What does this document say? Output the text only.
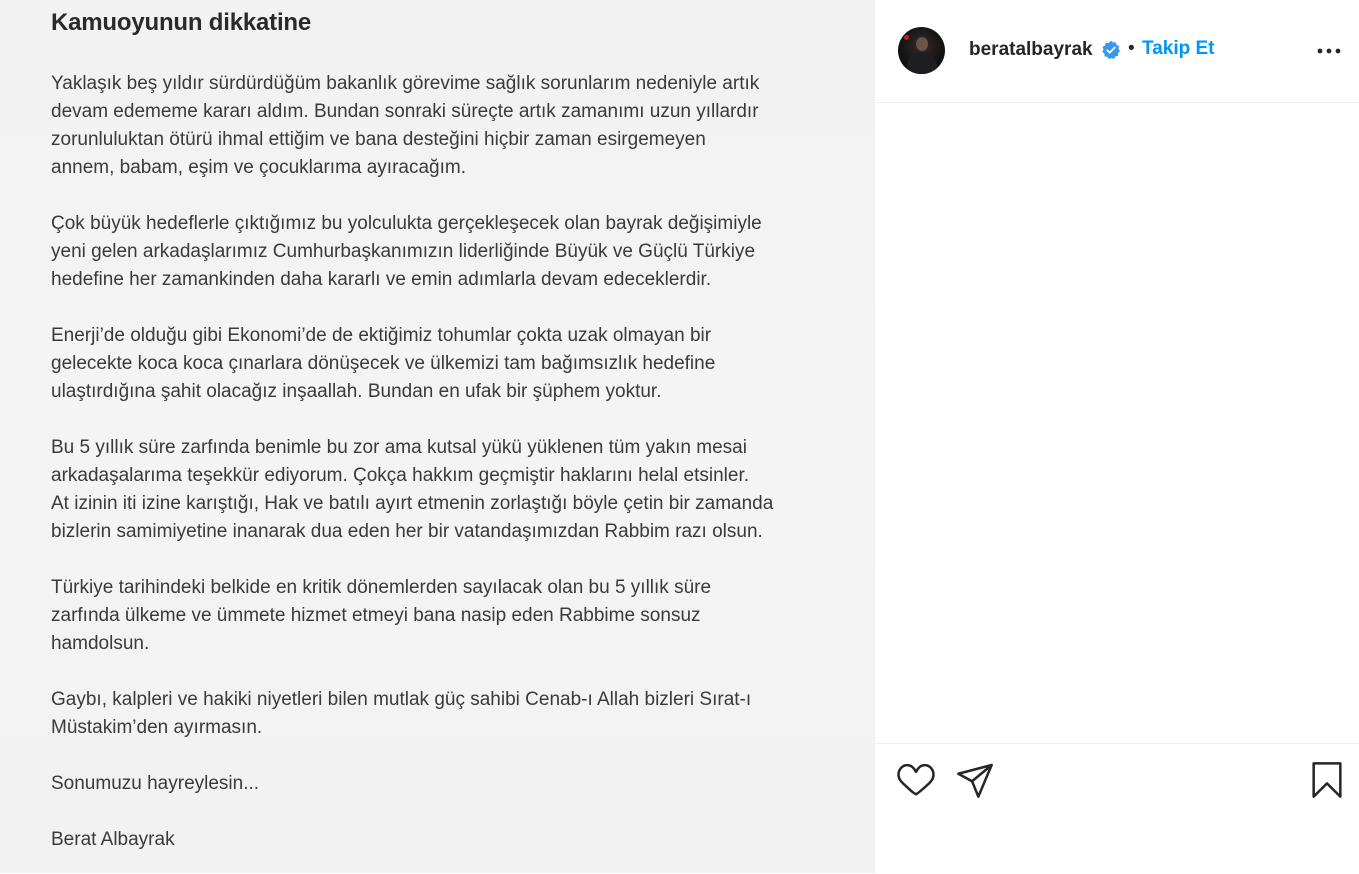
Kamuoyunun dikkatine

Yaklaşık beş yıldır sürdürdüğüm bakanlık görevime sağlık sorunlarım nedeniyle artık
devam edememe kararı aldım. Bundan sonraki süreçte artık zamanımı uzun yıllardır
zorunluluktan ötürü ihmal ettiğim ve bana desteğini hiçbir zaman esirgemeyen
annem, babam, eşim ve çocuklarıma ayıracağım.

Çok büyük hedeflerle çıktığımız bu yolculukta gerçekleşecek olan bayrak değişimiyle
yeni gelen arkadaşlarımız Cumhurbaşkanımızın liderliğinde Büyük ve Güçlü Türkiye
hedefine her zamankinden daha kararlı ve emin adımlarla devam edeceklerdir.

Enerji’de olduğu gibi Ekonomi’de de ektiğimiz tohumlar çokta uzak olmayan bir
gelecekte koca koca çınarlara dönüşecek ve ülkemizi tam bağımsızlık hedefine
ulaştırdığına şahit olacağız inşaallah. Bundan en ufak bir şüphem yoktur.

Bu 5 yıllık süre zarfında benimle bu zor ama kutsal yükü yüklenen tüm yakın mesai
arkadaşalarıma teşekkür ediyorum. Çokça hakkım geçmiştir haklarını helal etsinler.
At izinin iti izine karıştığı, Hak ve batılı ayırt etmenin zorlaştığı böyle çetin bir zamanda
bizlerin samimiyetine inanarak dua eden her bir vatandaşımızdan Rabbim razı olsun.

Türkiye tarihindeki belkide en kritik dönemlerden sayılacak olan bu 5 yıllık süre
zarfında ülkeme ve ümmete hizmet etmeyi bana nasip eden Rabbime sonsuz
hamdolsun.

Gaybı, kalpleri ve hakiki niyetleri bilen mutlak güç sahibi Cenab-ı Allah bizleri Sırat-ı
Müstakim’den ayırmasın.

Sonumuzu hayreylesin...

Berat Albayrak

beratalbayrak • Takip Et
